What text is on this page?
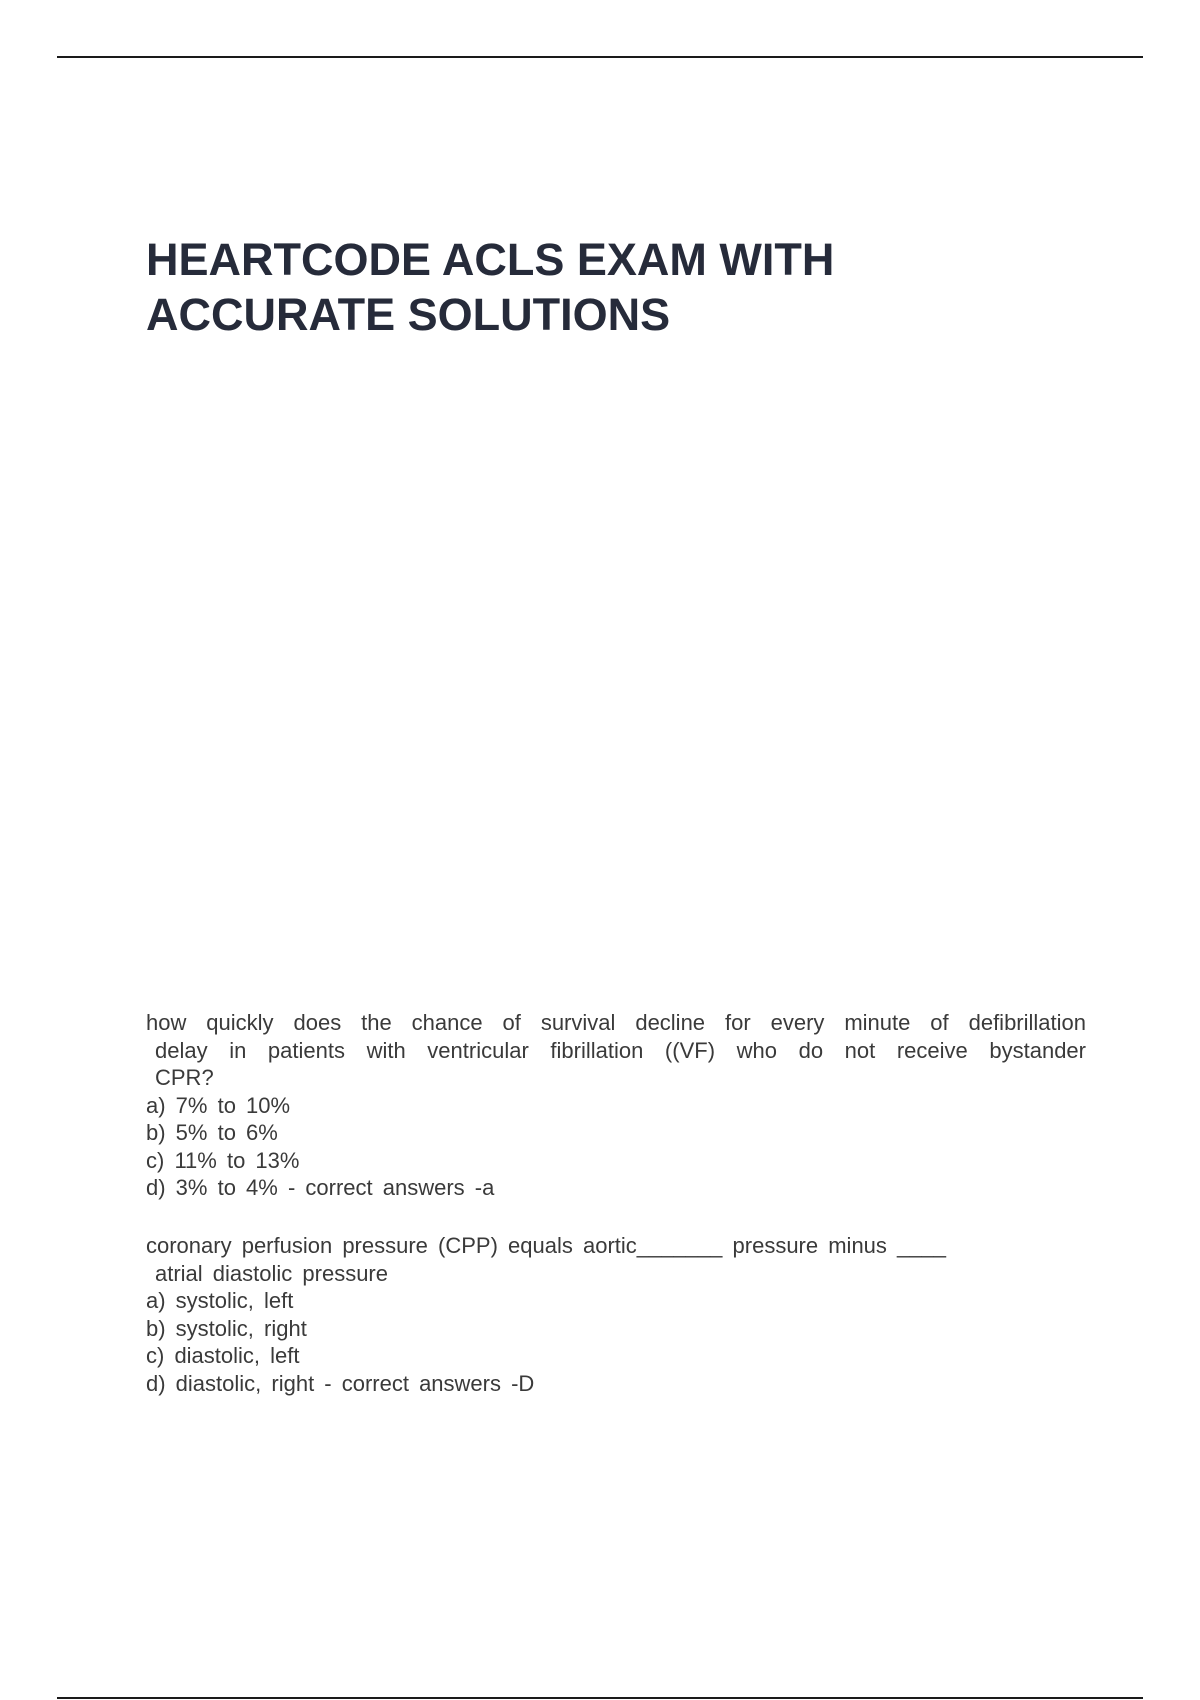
HEARTCODE ACLS EXAM WITH
ACCURATE SOLUTIONS

how quickly does the chance of survival decline for every minute of defibrillation
delay in patients with ventricular fibrillation ((VF) who do not receive bystander
CPR?

a) 7% to 10%
b) 5% to 6%
c) 11% to 13%
d) 3% to 4% - correct answers -a

coronary perfusion pressure (CPP) equals aortic_______ pressure minus ____
atrial diastolic pressure

a) systolic, left
b) systolic, right
c) diastolic, left
d) diastolic, right - correct answers -D
